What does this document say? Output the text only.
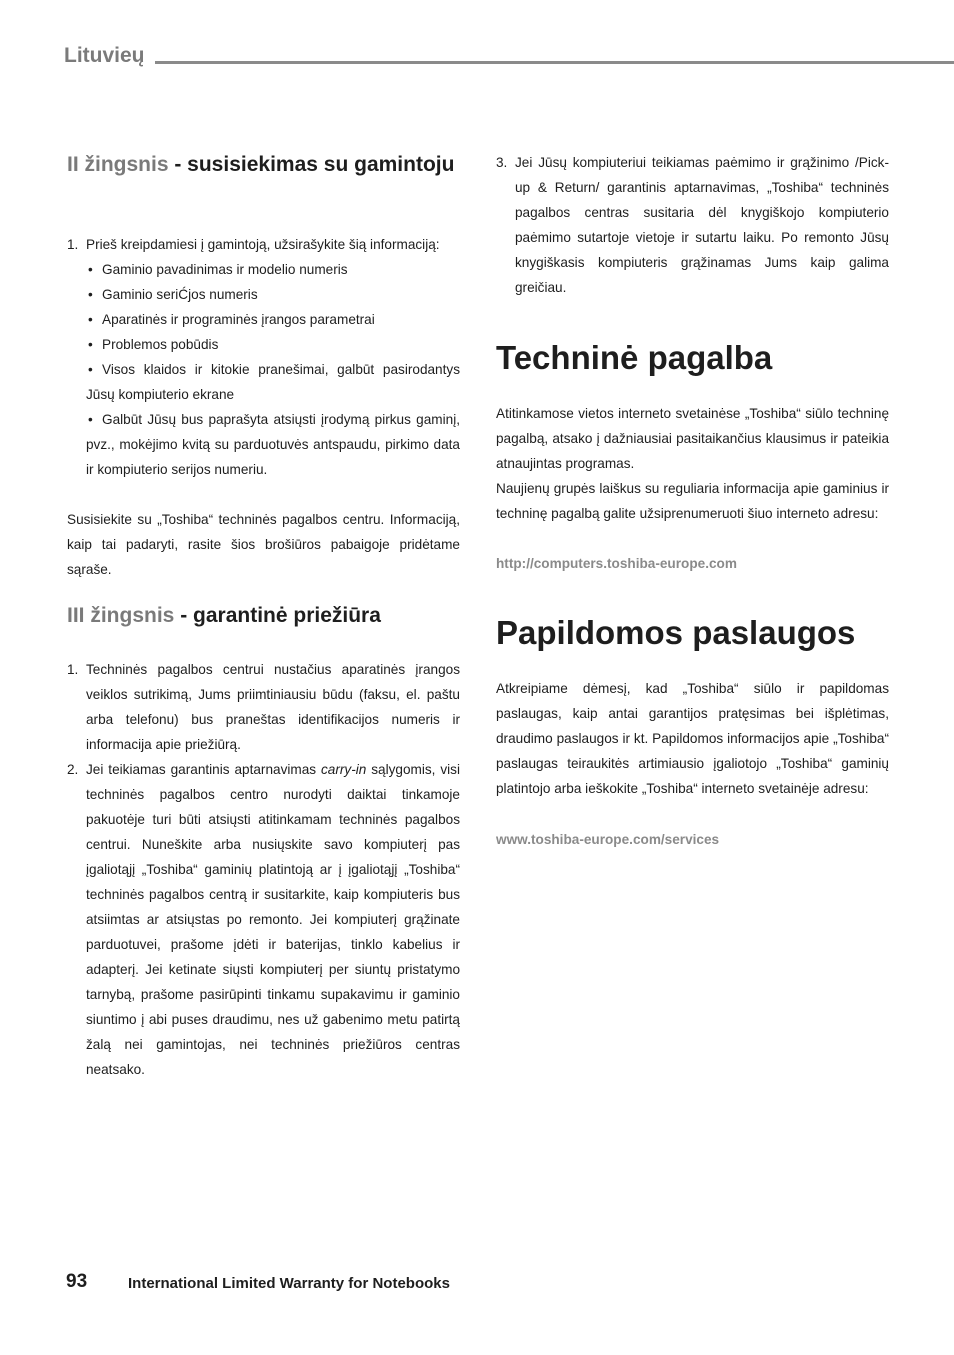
Lituvieų
II žingsnis - susisiekimas su gamintoju
1. Prieš kreipdamiesi į gamintoją, užsirašykite šią informaciją:
• Gaminio pavadinimas ir modelio numeris
• Gaminio seriĆjos numeris
• Aparatinės ir programinės įrangos parametrai
• Problemos pobūdis
• Visos klaidos ir kitokie pranešimai, galbūt pasirodantys Jūsų kompiuterio ekrane
• Galbūt Jūsų bus paprašyta atsiųsti įrodymą pirkus gaminį, pvz., mokėjimo kvitą su parduotuvės antspaudu, pirkimo data ir kompiuterio serijos numeriu.

Susisiekite su „Toshiba“ techninės pagalbos centru. Informaciją, kaip tai padaryti, rasite šios brošiūros pabaigoje pridėtame sąraše.

III žingsnis - garantinė priežiūra
1. Techninės pagalbos centrui nustačius aparatinės įrangos veiklos sutrikimą, Jums priimtiniausiu būdu (faksu, el. paštu arba telefonu) bus praneštas identifikacijos numeris ir informacija apie priežiūrą.
2. Jei teikiamas garantinis aptarnavimas carry-in sąlygomis, visi techninės pagalbos centro nurodyti daiktai tinkamoje pakuotėje turi būti atsiųsti atitinkamam techninės pagalbos centrui. Nuneškite arba nusiųskite savo kompiuterį pas įgaliotąjį „Toshiba“ gaminių platintoją ar į įgaliotąjį „Toshiba“ techninės pagalbos centrą ir susitarkite, kaip kompiuteris bus atsiimtas ar atsiųstas po remonto. Jei kompiuterį grąžinate parduotuvei, prašome įdėti ir baterijas, tinklo kabelius ir adapterį. Jei ketinate siųsti kompiuterį per siuntų pristatymo tarnybą, prašome pasirūpinti tinkamu supakavimu ir gaminio siuntimo į abi puses draudimu, nes už gabenimo metu patirtą žalą nei gamintojas, nei techninės priežiūros centras neatsako.
3. Jei Jūsų kompiuteriui teikiamas paėmimo ir grąžinimo /Pick-up & Return/ garantinis aptarnavimas, „Toshiba“ techninės pagalbos centras susitaria dėl knygiškojo kompiuterio paėmimo sutartoje vietoje ir sutartu laiku. Po remonto Jūsų knygiškasis kompiuteris grąžinamas Jums kaip galima greičiau.
Techninė pagalba

Atitinkamose vietos interneto svetainėse „Toshiba“ siūlo techninę pagalbą, atsako į dažniausiai pasitaikančius klausimus ir pateikia atnaujintas programas.

Naujienų grupės laiškus su reguliaria informacija apie gaminius ir techninę pagalbą galite užsiprenumeruoti šiuo interneto adresu:

http://computers.toshiba-europe.com

Papildomos paslaugos

Atkreipiame dėmesį, kad „Toshiba“ siūlo ir papildomas paslaugas, kaip antai garantijos pratęsimas bei išplėtimas, draudimo paslaugos ir kt. Papildomos informacijos apie „Toshiba“ paslaugas teiraukitės artimiausio įgaliotojo „Toshiba“ gaminių platintojo arba ieškokite „Toshiba“ interneto svetainėje adresu:

www.toshiba-europe.com/services

93	International Limited Warranty for Notebooks
